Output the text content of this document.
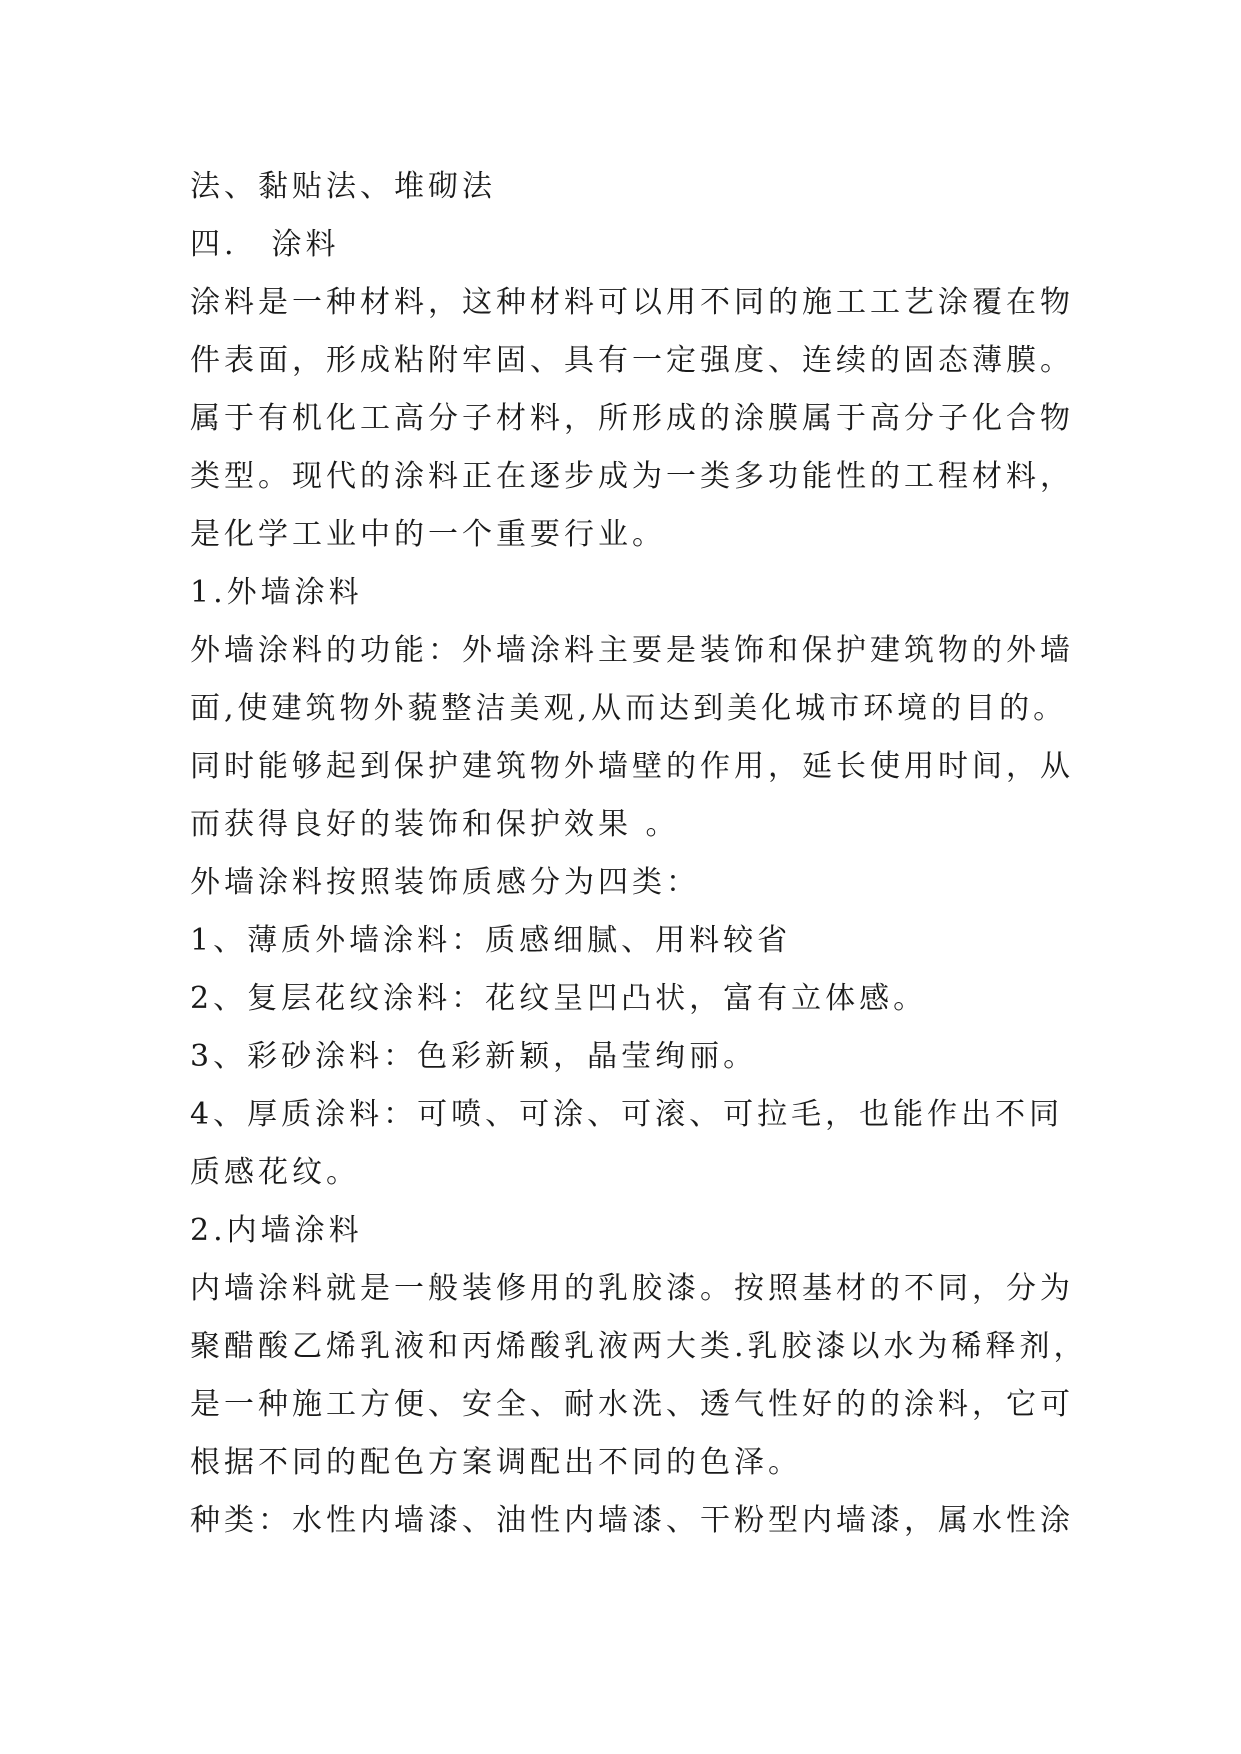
法、黏贴法、堆砌法
四.　涂料
涂料是一种材料，这种材料可以用不同的施工工艺涂覆在物
件表面，形成粘附牢固、具有一定强度、连续的固态薄膜。
属于有机化工高分子材料，所形成的涂膜属于高分子化合物
类型。现代的涂料正在逐步成为一类多功能性的工程材料，
是化学工业中的一个重要行业。
1.外墙涂料
外墙涂料的功能：外墙涂料主要是装饰和保护建筑物的外墙
面,使建筑物外藐整洁美观,从而达到美化城市环境的目的。
同时能够起到保护建筑物外墙壁的作用，延长使用时间，从
而获得良好的装饰和保护效果 。
外墙涂料按照装饰质感分为四类：
1、薄质外墙涂料：质感细腻、用料较省
2、复层花纹涂料：花纹呈凹凸状，富有立体感。
3、彩砂涂料：色彩新颖，晶莹绚丽。
4、厚质涂料：可喷、可涂、可滚、可拉毛，也能作出不同
质感花纹。
2.内墙涂料
内墙涂料就是一般装修用的乳胶漆。按照基材的不同，分为
聚醋酸乙烯乳液和丙烯酸乳液两大类.乳胶漆以水为稀释剂，
是一种施工方便、安全、耐水洗、透气性好的的涂料，它可
根据不同的配色方案调配出不同的色泽。
种类：水性内墙漆、油性内墙漆、干粉型内墙漆，属水性涂
